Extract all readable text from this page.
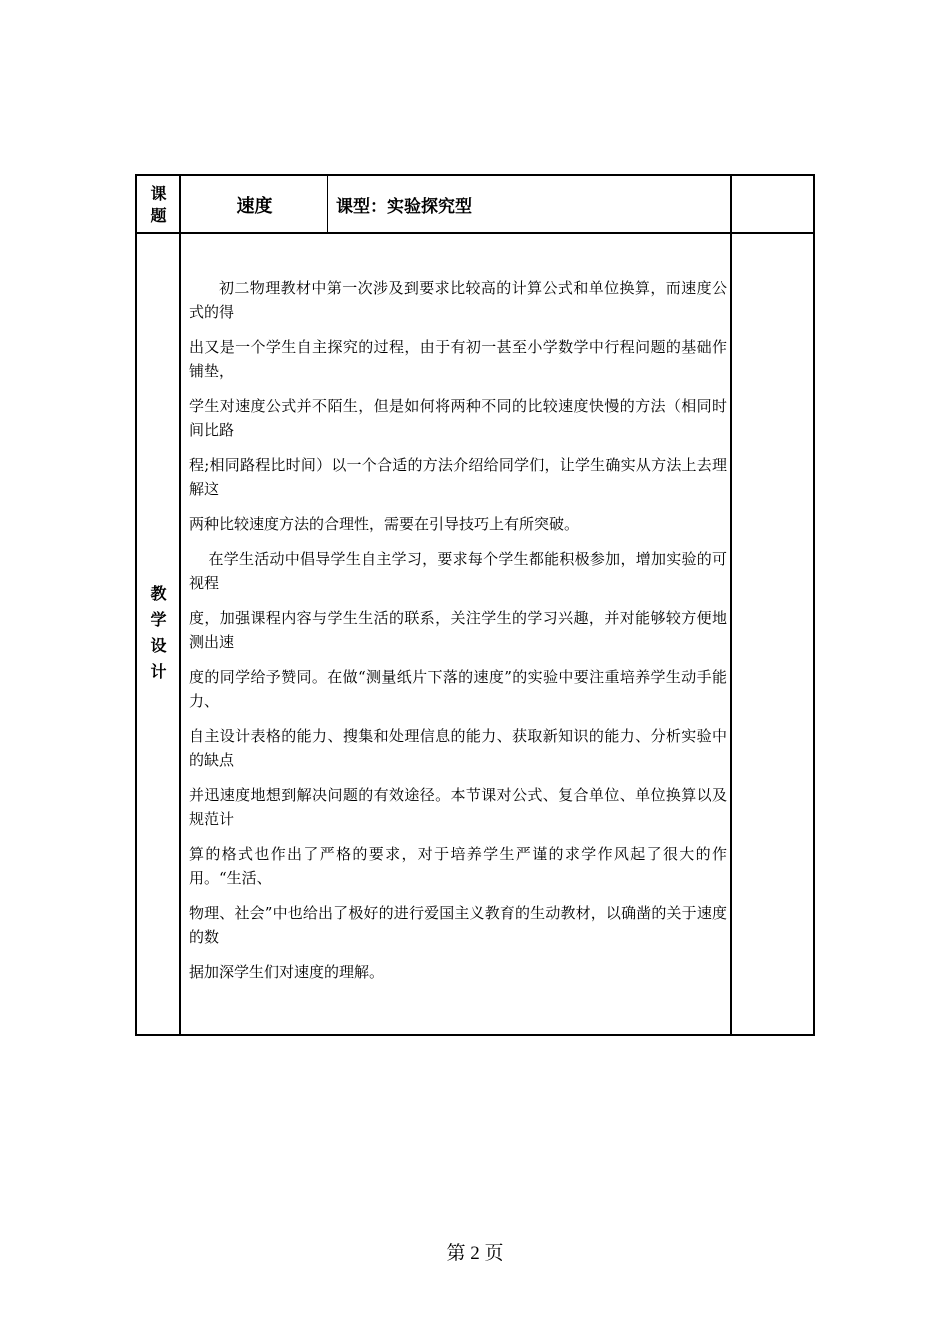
课题	速度	课型：实验探究型
教学设计

初二物理教材中第一次涉及到要求比较高的计算公式和单位换算，而速度公式的得

出又是一个学生自主探究的过程，由于有初一甚至小学数学中行程问题的基础作铺垫，

学生对速度公式并不陌生，但是如何将两种不同的比较速度快慢的方法（相同时间比路

程;相同路程比时间）以一个合适的方法介绍给同学们，让学生确实从方法上去理解这

两种比较速度方法的合理性，需要在引导技巧上有所突破。

在学生活动中倡导学生自主学习，要求每个学生都能积极参加，增加实验的可视程

度，加强课程内容与学生生活的联系，关注学生的学习兴趣，并对能够较方便地测出速

度的同学给予赞同。在做“测量纸片下落的速度”的实验中要注重培养学生动手能力、

自主设计表格的能力、搜集和处理信息的能力、获取新知识的能力、分析实验中的缺点

并迅速度地想到解决问题的有效途径。本节课对公式、复合单位、单位换算以及规范计

算的格式也作出了严格的要求，对于培养学生严谨的求学作风起了很大的作用。“生活、

物理、社会”中也给出了极好的进行爱国主义教育的生动教材，以确凿的关于速度的数

据加深学生们对速度的理解。

第 2 页
